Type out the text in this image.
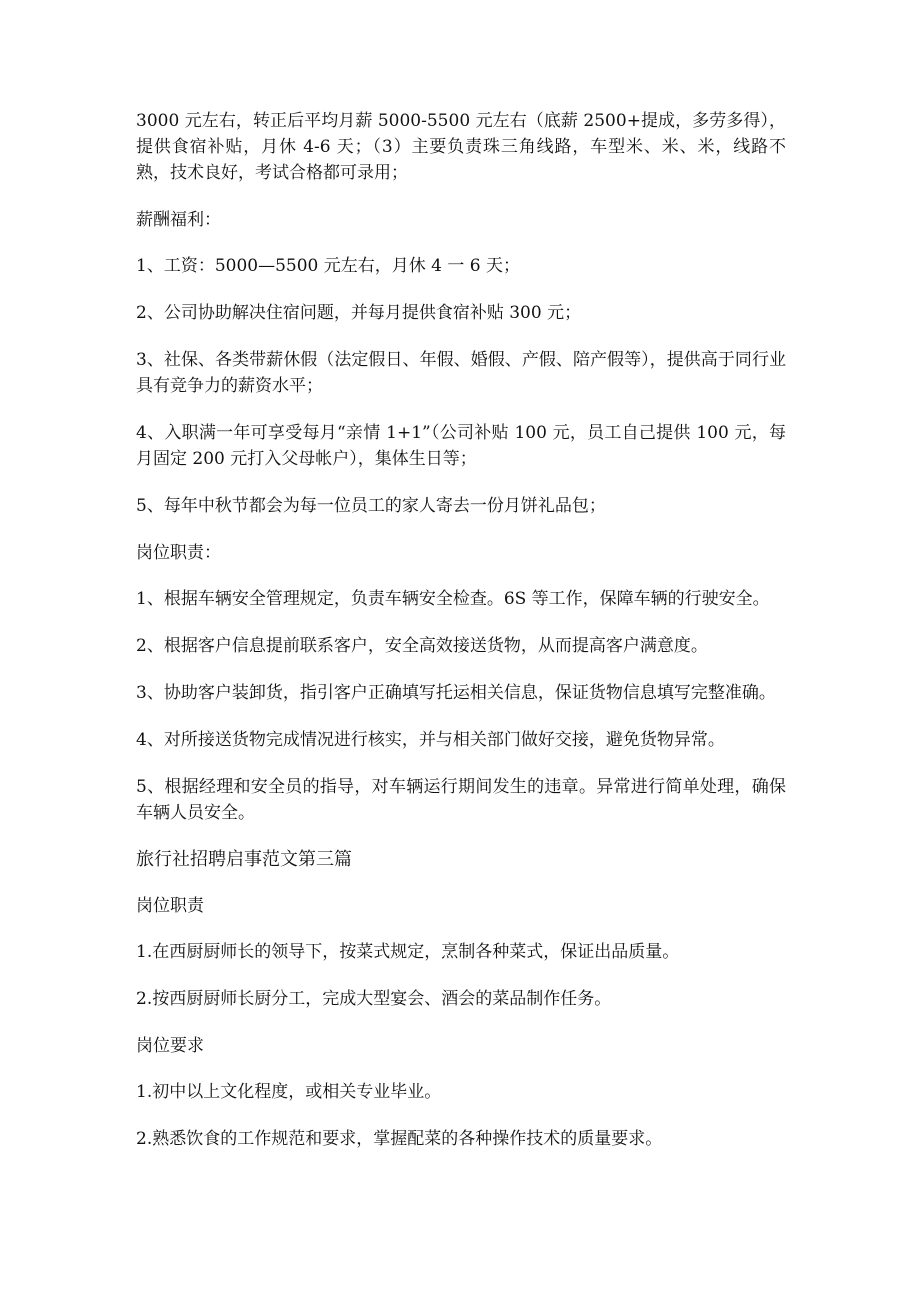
3000 元左右，转正后平均月薪 5000-5500 元左右（底薪 2500+提成，多劳多得），提供食宿补贴，月休 4-6 天；（3）主要负责珠三角线路，车型米、米、米，线路不熟，技术良好，考试合格都可录用；

薪酬福利：

1、工资：5000—5500 元左右，月休 4 一 6 天；

2、公司协助解决住宿问题，并每月提供食宿补贴 300 元；

3、社保、各类带薪休假（法定假日、年假、婚假、产假、陪产假等），提供高于同行业具有竞争力的薪资水平；

4、入职满一年可享受每月“亲情 1+1”（公司补贴 100 元，员工自己提供 100 元，每月固定 200 元打入父母帐户），集体生日等；

5、每年中秋节都会为每一位员工的家人寄去一份月饼礼品包；

岗位职责：

1、根据车辆安全管理规定，负责车辆安全检查。6S 等工作，保障车辆的行驶安全。

2、根据客户信息提前联系客户，安全高效接送货物，从而提高客户满意度。

3、协助客户装卸货，指引客户正确填写托运相关信息，保证货物信息填写完整准确。

4、对所接送货物完成情况进行核实，并与相关部门做好交接，避免货物异常。

5、根据经理和安全员的指导，对车辆运行期间发生的违章。异常进行简单处理，确保车辆人员安全。

旅行社招聘启事范文第三篇

岗位职责

1.在西厨厨师长的领导下，按菜式规定，烹制各种菜式，保证出品质量。

2.按西厨厨师长厨分工，完成大型宴会、酒会的菜品制作任务。

岗位要求

1.初中以上文化程度，或相关专业毕业。

2.熟悉饮食的工作规范和要求，掌握配菜的各种操作技术的质量要求。
